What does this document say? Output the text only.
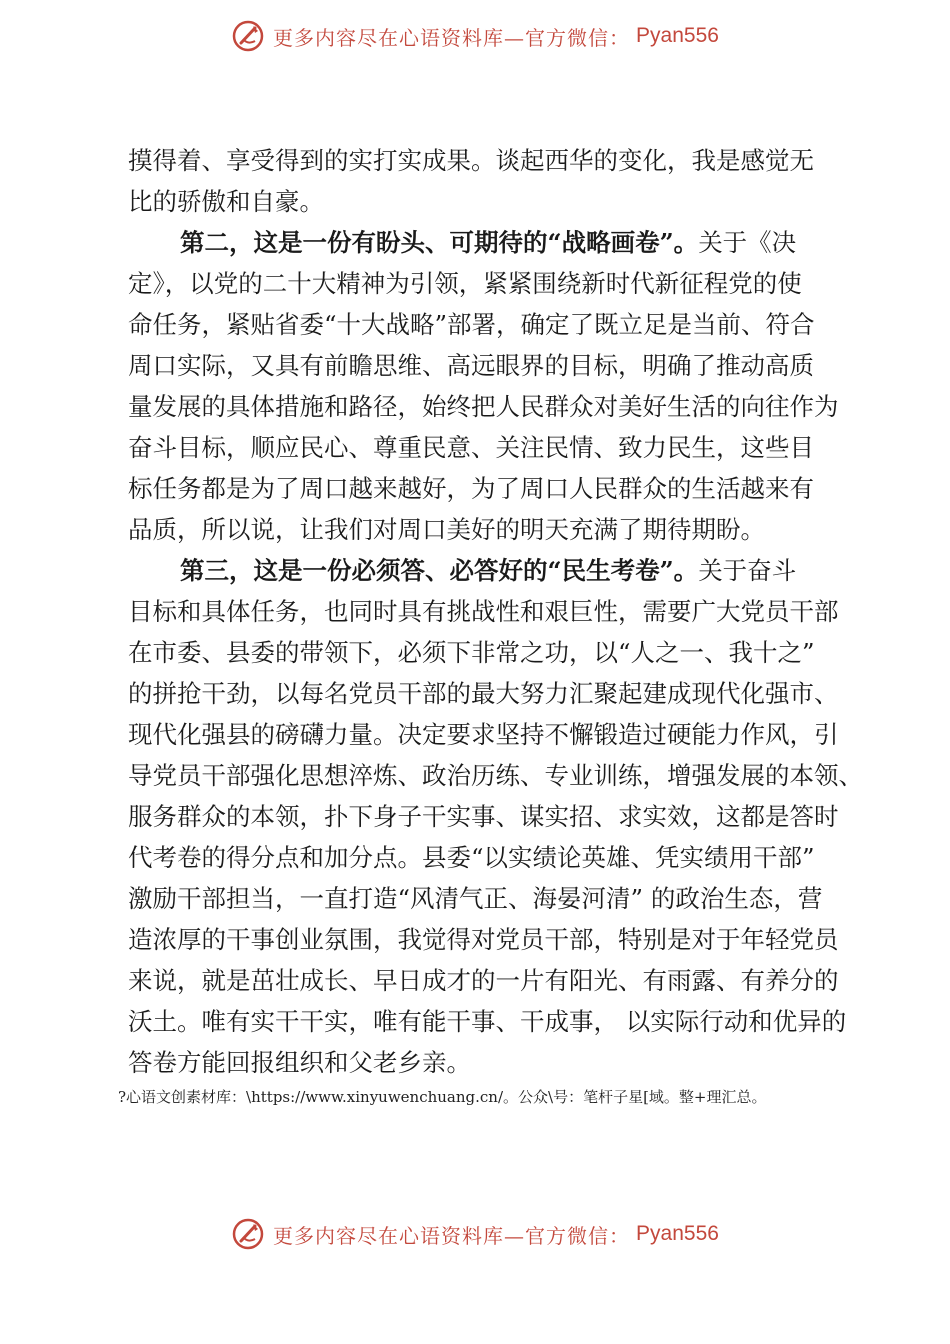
更多内容尽在心语资料库—官方微信： Pyan556
摸得着、享受得到的实打实成果。谈起西华的变化，我是感觉无
比的骄傲和自豪。
第二，这是一份有盼头、可期待的“战略画卷”。关于《决
定》，以党的二十大精神为引领，紧紧围绕新时代新征程党的使
命任务，紧贴省委“十大战略”部署，确定了既立足是当前、符合
周口实际，又具有前瞻思维、高远眼界的目标，明确了推动高质
量发展的具体措施和路径，始终把人民群众对美好生活的向往作为
奋斗目标，顺应民心、尊重民意、关注民情、致力民生，这些目
标任务都是为了周口越来越好，为了周口人民群众的生活越来有
品质，所以说，让我们对周口美好的明天充满了期待期盼。
第三，这是一份必须答、必答好的“民生考卷”。关于奋斗
目标和具体任务，也同时具有挑战性和艰巨性，需要广大党员干部
在市委、县委的带领下，必须下非常之功，以“人之一、我十之”
的拼抢干劲，以每名党员干部的最大努力汇聚起建成现代化强市、
现代化强县的磅礴力量。决定要求坚持不懈锻造过硬能力作风，引
导党员干部强化思想淬炼、政治历练、专业训练，增强发展的本领、
服务群众的本领，扑下身子干实事、谋实招、求实效，这都是答时
代考卷的得分点和加分点。县委“以实绩论英雄、凭实绩用干部”
激励干部担当，一直打造“风清气正、海晏河清” 的政治生态，营
造浓厚的干事创业氛围，我觉得对党员干部，特别是对于年轻党员
来说，就是茁壮成长、早日成才的一片有阳光、有雨露、有养分的
沃土。唯有实干干实，唯有能干事、干成事， 以实际行动和优异的
答卷方能回报组织和父老乡亲。
?心语文创素材库：\https://www.xinyuwenchuang.cn/。公众\号：笔杆子星[域。整+理汇总。
更多内容尽在心语资料库—官方微信： Pyan556
